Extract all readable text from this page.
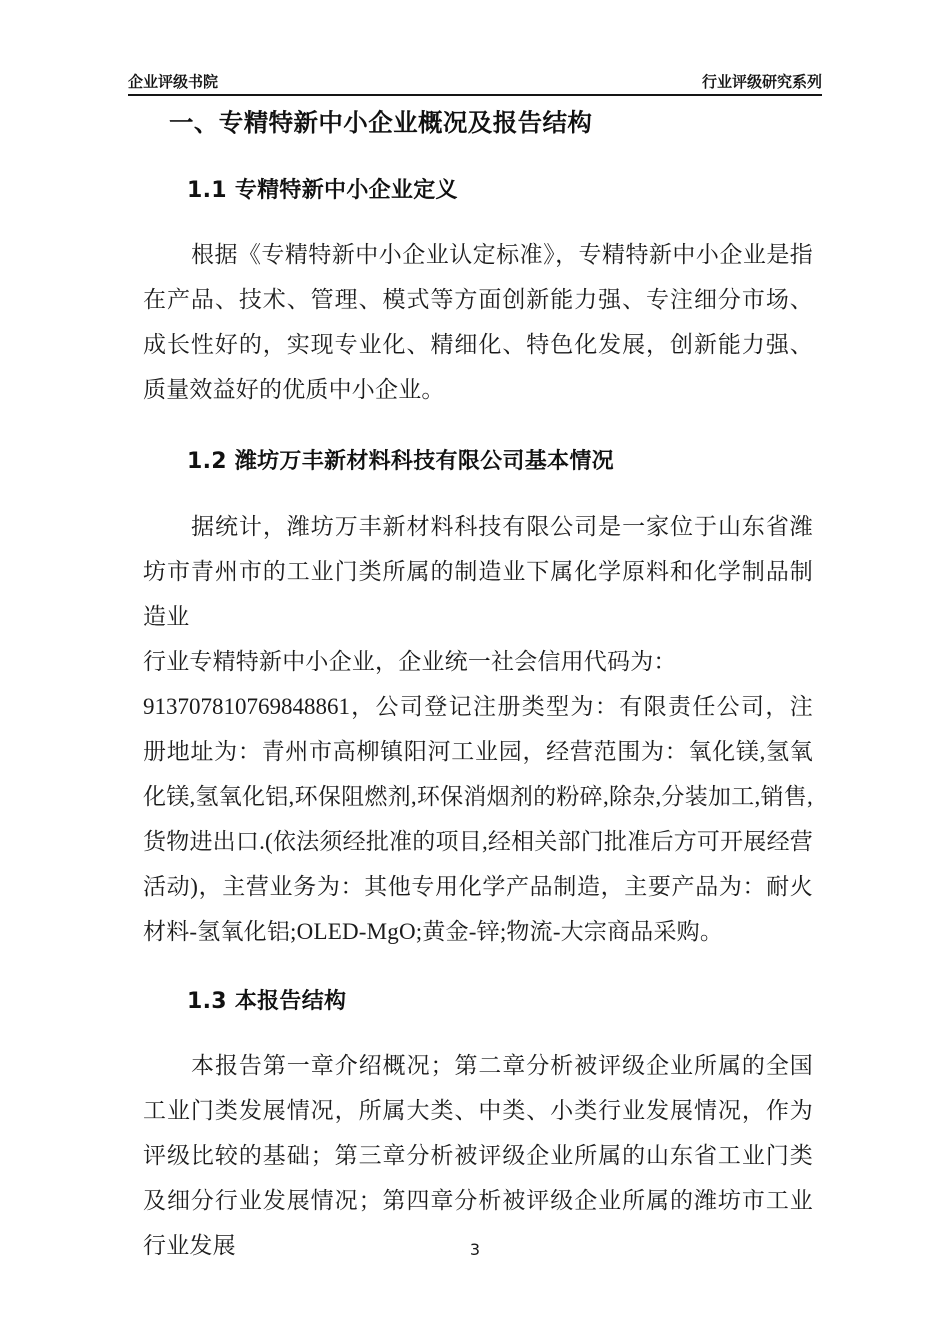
企业评级书院	行业评级研究系列
一、专精特新中小企业概况及报告结构
1.1 专精特新中小企业定义

根据《专精特新中小企业认定标准》，专精特新中小企业是指在产品、技术、管理、模式等方面创新能力强、专注细分市场、成长性好的，实现专业化、精细化、特色化发展，创新能力强、质量效益好的优质中小企业。

1.2 潍坊万丰新材料科技有限公司基本情况

据统计，潍坊万丰新材料科技有限公司是一家位于山东省潍坊市青州市的工业门类所属的制造业下属化学原料和化学制品制造业

行业专精特新中小企业，企业统一社会信用代码为：

913707810769848861，公司登记注册类型为：有限责任公司，注册地址为：青州市高柳镇阳河工业园，经营范围为：氧化镁,氢氧化镁,氢氧化铝,环保阻燃剂,环保消烟剂的粉碎,除杂,分装加工,销售,货物进出口.(依法须经批准的项目,经相关部门批准后方可开展经营活动)，主营业务为：其他专用化学产品制造，主要产品为：耐火材料-氢氧化铝;OLED-MgO;黄金-锌;物流-大宗商品采购。

1.3 本报告结构

本报告第一章介绍概况；第二章分析被评级企业所属的全国工业门类发展情况，所属大类、中类、小类行业发展情况，作为评级比较的基础；第三章分析被评级企业所属的山东省工业门类及细分行业发展情况；第四章分析被评级企业所属的潍坊市工业行业发展	3
